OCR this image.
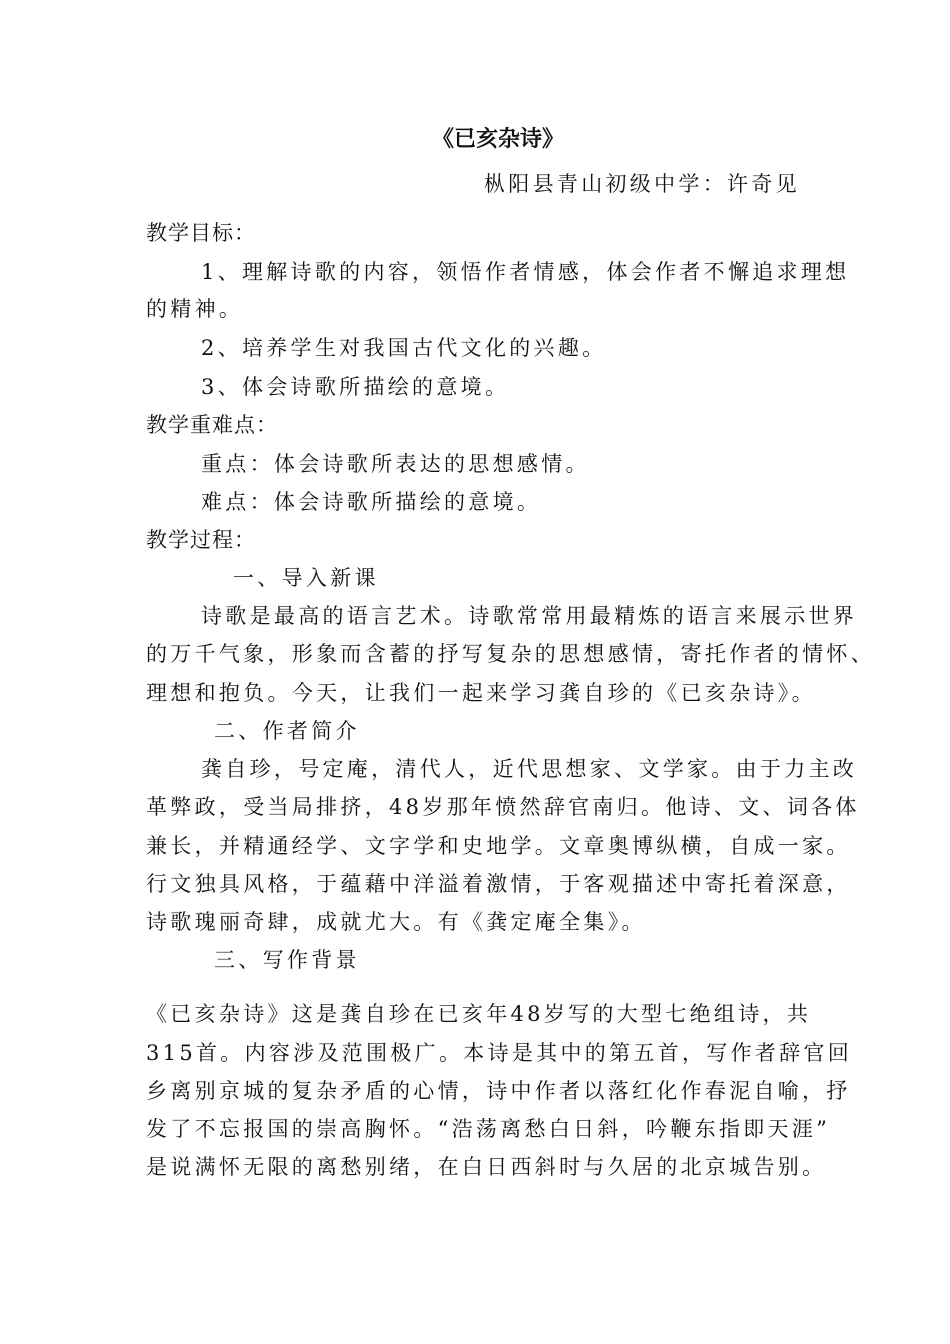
《已亥杂诗》
枞阳县青山初级中学：许奇见
教学目标：
1、理解诗歌的内容，领悟作者情感，体会作者不懈追求理想
的精神。
2、培养学生对我国古代文化的兴趣。
3、体会诗歌所描绘的意境。
教学重难点：
重点：体会诗歌所表达的思想感情。
难点：体会诗歌所描绘的意境。
教学过程：
一、导入新课
诗歌是最高的语言艺术。诗歌常常用最精炼的语言来展示世界
的万千气象，形象而含蓄的抒写复杂的思想感情，寄托作者的情怀、
理想和抱负。今天，让我们一起来学习龚自珍的《已亥杂诗》。
二、作者简介
龚自珍，号定庵，清代人，近代思想家、文学家。由于力主改
革弊政，受当局排挤，48岁那年愤然辞官南归。他诗、文、词各体
兼长，并精通经学、文字学和史地学。文章奥博纵横，自成一家。
行文独具风格，于蕴藉中洋溢着激情，于客观描述中寄托着深意，
诗歌瑰丽奇肆，成就尤大。有《龚定庵全集》。
三、写作背景
《已亥杂诗》这是龚自珍在已亥年48岁写的大型七绝组诗，共
315首。内容涉及范围极广。本诗是其中的第五首，写作者辞官回
乡离别京城的复杂矛盾的心情，诗中作者以落红化作春泥自喻，抒
发了不忘报国的崇高胸怀。“浩荡离愁白日斜，吟鞭东指即天涯”
是说满怀无限的离愁别绪，在白日西斜时与久居的北京城告别。
